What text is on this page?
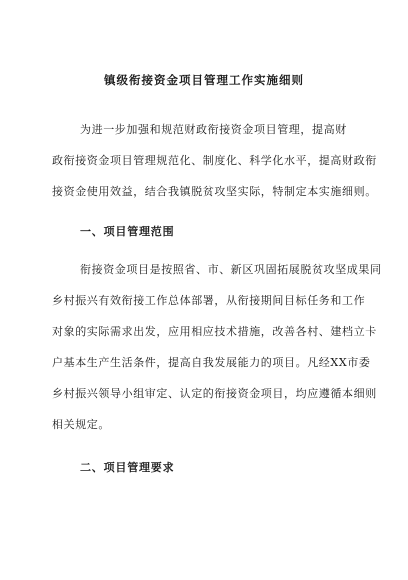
镇级衔接资金项目管理工作实施细则

为进一步加强和规范财政衔接资金项目管理，提高财

政衔接资金项目管理规范化、制度化、科学化水平，提高财政衔

接资金使用效益，结合我镇脱贫攻坚实际，特制定本实施细则。

一、项目管理范围

衔接资金项目是按照省、市、新区巩固拓展脱贫攻坚成果同

乡村振兴有效衔接工作总体部署，从衔接期间目标任务和工作

对象的实际需求出发，应用相应技术措施，改善各村、建档立卡

户基本生产生活条件，提高自我发展能力的项目。凡经XX市委

乡村振兴领导小组审定、认定的衔接资金项目，均应遵循本细则

相关规定。

二、项目管理要求
